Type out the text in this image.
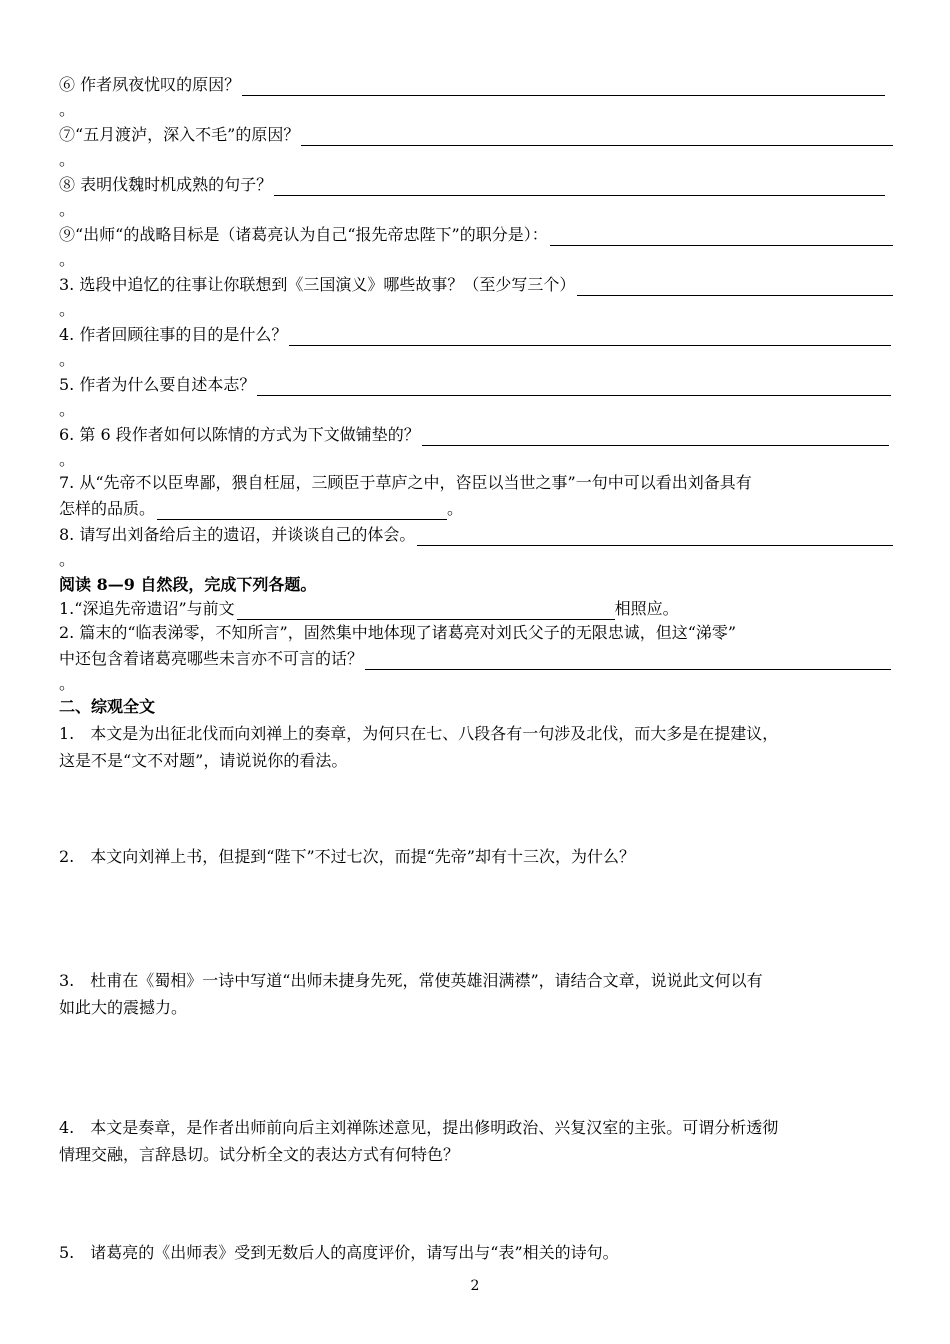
⑥ 作者夙夜忧叹的原因？
。
⑦“五月渡泸，深入不毛”的原因？
。
⑧ 表明伐魏时机成熟的句子？
。
⑨“出师“的战略目标是（诸葛亮认为自己“报先帝忠陛下”的职分是）：
。
3. 选段中追忆的往事让你联想到《三国演义》哪些故事？（至少写三个）
。
4. 作者回顾往事的目的是什么？
。
5. 作者为什么要自述本志？
。
6. 第 6 段作者如何以陈情的方式为下文做铺垫的？
。
7. 从“先帝不以臣卑鄙，猥自枉屈，三顾臣于草庐之中，咨臣以当世之事”一句中可以看出刘备具有
怎样的品质。	。
8. 请写出刘备给后主的遗诏，并谈谈自己的体会。
。
阅读 8—9 自然段，完成下列各题。
1.“深追先帝遗诏”与前文	相照应。
2. 篇末的“临表涕零，不知所言”，固然集中地体现了诸葛亮对刘氏父子的无限忠诚，但这“涕零”
中还包含着诸葛亮哪些未言亦不可言的话？
。
二、综观全文
1.　本文是为出征北伐而向刘禅上的奏章，为何只在七、八段各有一句涉及北伐，而大多是在提建议，
这是不是“文不对题”，请说说你的看法。
2.　本文向刘禅上书，但提到“陛下”不过七次，而提“先帝”却有十三次，为什么？
3.　杜甫在《蜀相》一诗中写道“出师未捷身先死，常使英雄泪满襟”，请结合文章，说说此文何以有
如此大的震撼力。
4.　本文是奏章，是作者出师前向后主刘禅陈述意见，提出修明政治、兴复汉室的主张。可谓分析透彻
情理交融，言辞恳切。试分析全文的表达方式有何特色？
5.　诸葛亮的《出师表》受到无数后人的高度评价，请写出与“表”相关的诗句。
2
